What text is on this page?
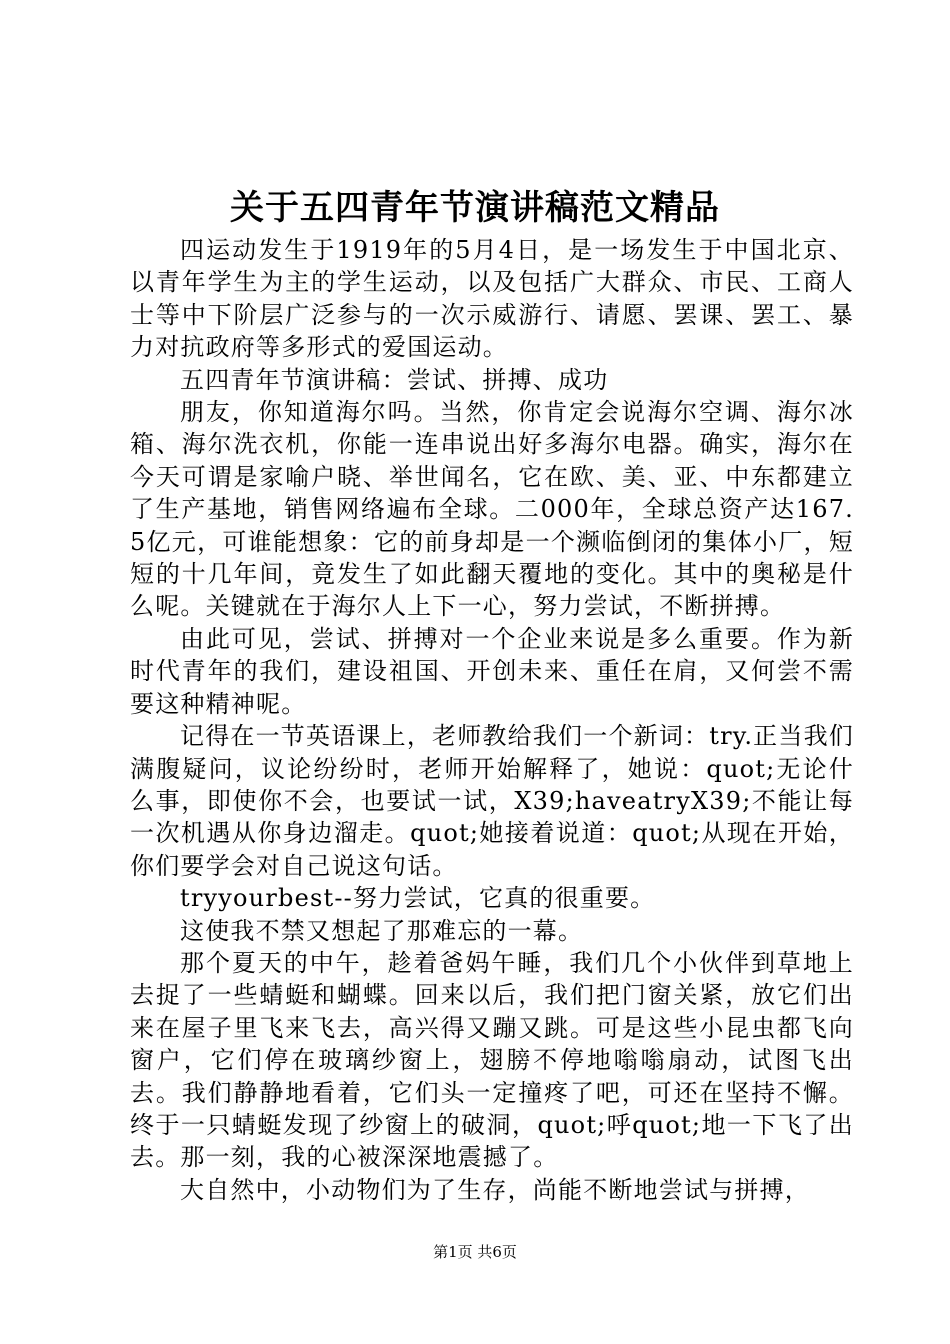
关于五四青年节演讲稿范文精品

四运动发生于1919年的5月4日，是一场发生于中国北京、以青年学生为主的学生运动，以及包括广大群众、市民、工商人士等中下阶层广泛参与的一次示威游行、请愿、罢课、罢工、暴力对抗政府等多形式的爱国运动。

五四青年节演讲稿：尝试、拼搏、成功

朋友，你知道海尔吗。当然，你肯定会说海尔空调、海尔冰箱、海尔洗衣机，你能一连串说出好多海尔电器。确实，海尔在今天可谓是家喻户晓、举世闻名，它在欧、美、亚、中东都建立了生产基地，销售网络遍布全球。二000年，全球总资产达167.5亿元，可谁能想象：它的前身却是一个濒临倒闭的集体小厂，短短的十几年间，竟发生了如此翻天覆地的变化。其中的奥秘是什么呢。关键就在于海尔人上下一心，努力尝试，不断拼搏。

由此可见，尝试、拼搏对一个企业来说是多么重要。作为新时代青年的我们，建设祖国、开创未来、重任在肩，又何尝不需要这种精神呢。

记得在一节英语课上，老师教给我们一个新词：try.正当我们满腹疑问，议论纷纷时，老师开始解释了，她说：quot;无论什么事，即使你不会，也要试一试，X39;haveatryX39;不能让每一次机遇从你身边溜走。quot;她接着说道：quot;从现在开始，你们要学会对自己说这句话。

tryyourbest--努力尝试，它真的很重要。

这使我不禁又想起了那难忘的一幕。

那个夏天的中午，趁着爸妈午睡，我们几个小伙伴到草地上去捉了一些蜻蜓和蝴蝶。回来以后，我们把门窗关紧，放它们出来在屋子里飞来飞去，高兴得又蹦又跳。可是这些小昆虫都飞向窗户，它们停在玻璃纱窗上，翅膀不停地嗡嗡扇动，试图飞出去。我们静静地看着，它们头一定撞疼了吧，可还在坚持不懈。终于一只蜻蜓发现了纱窗上的破洞，quot;呼quot;地一下飞了出去。那一刻，我的心被深深地震撼了。

大自然中，小动物们为了生存，尚能不断地尝试与拼搏，

第1页 共6页
